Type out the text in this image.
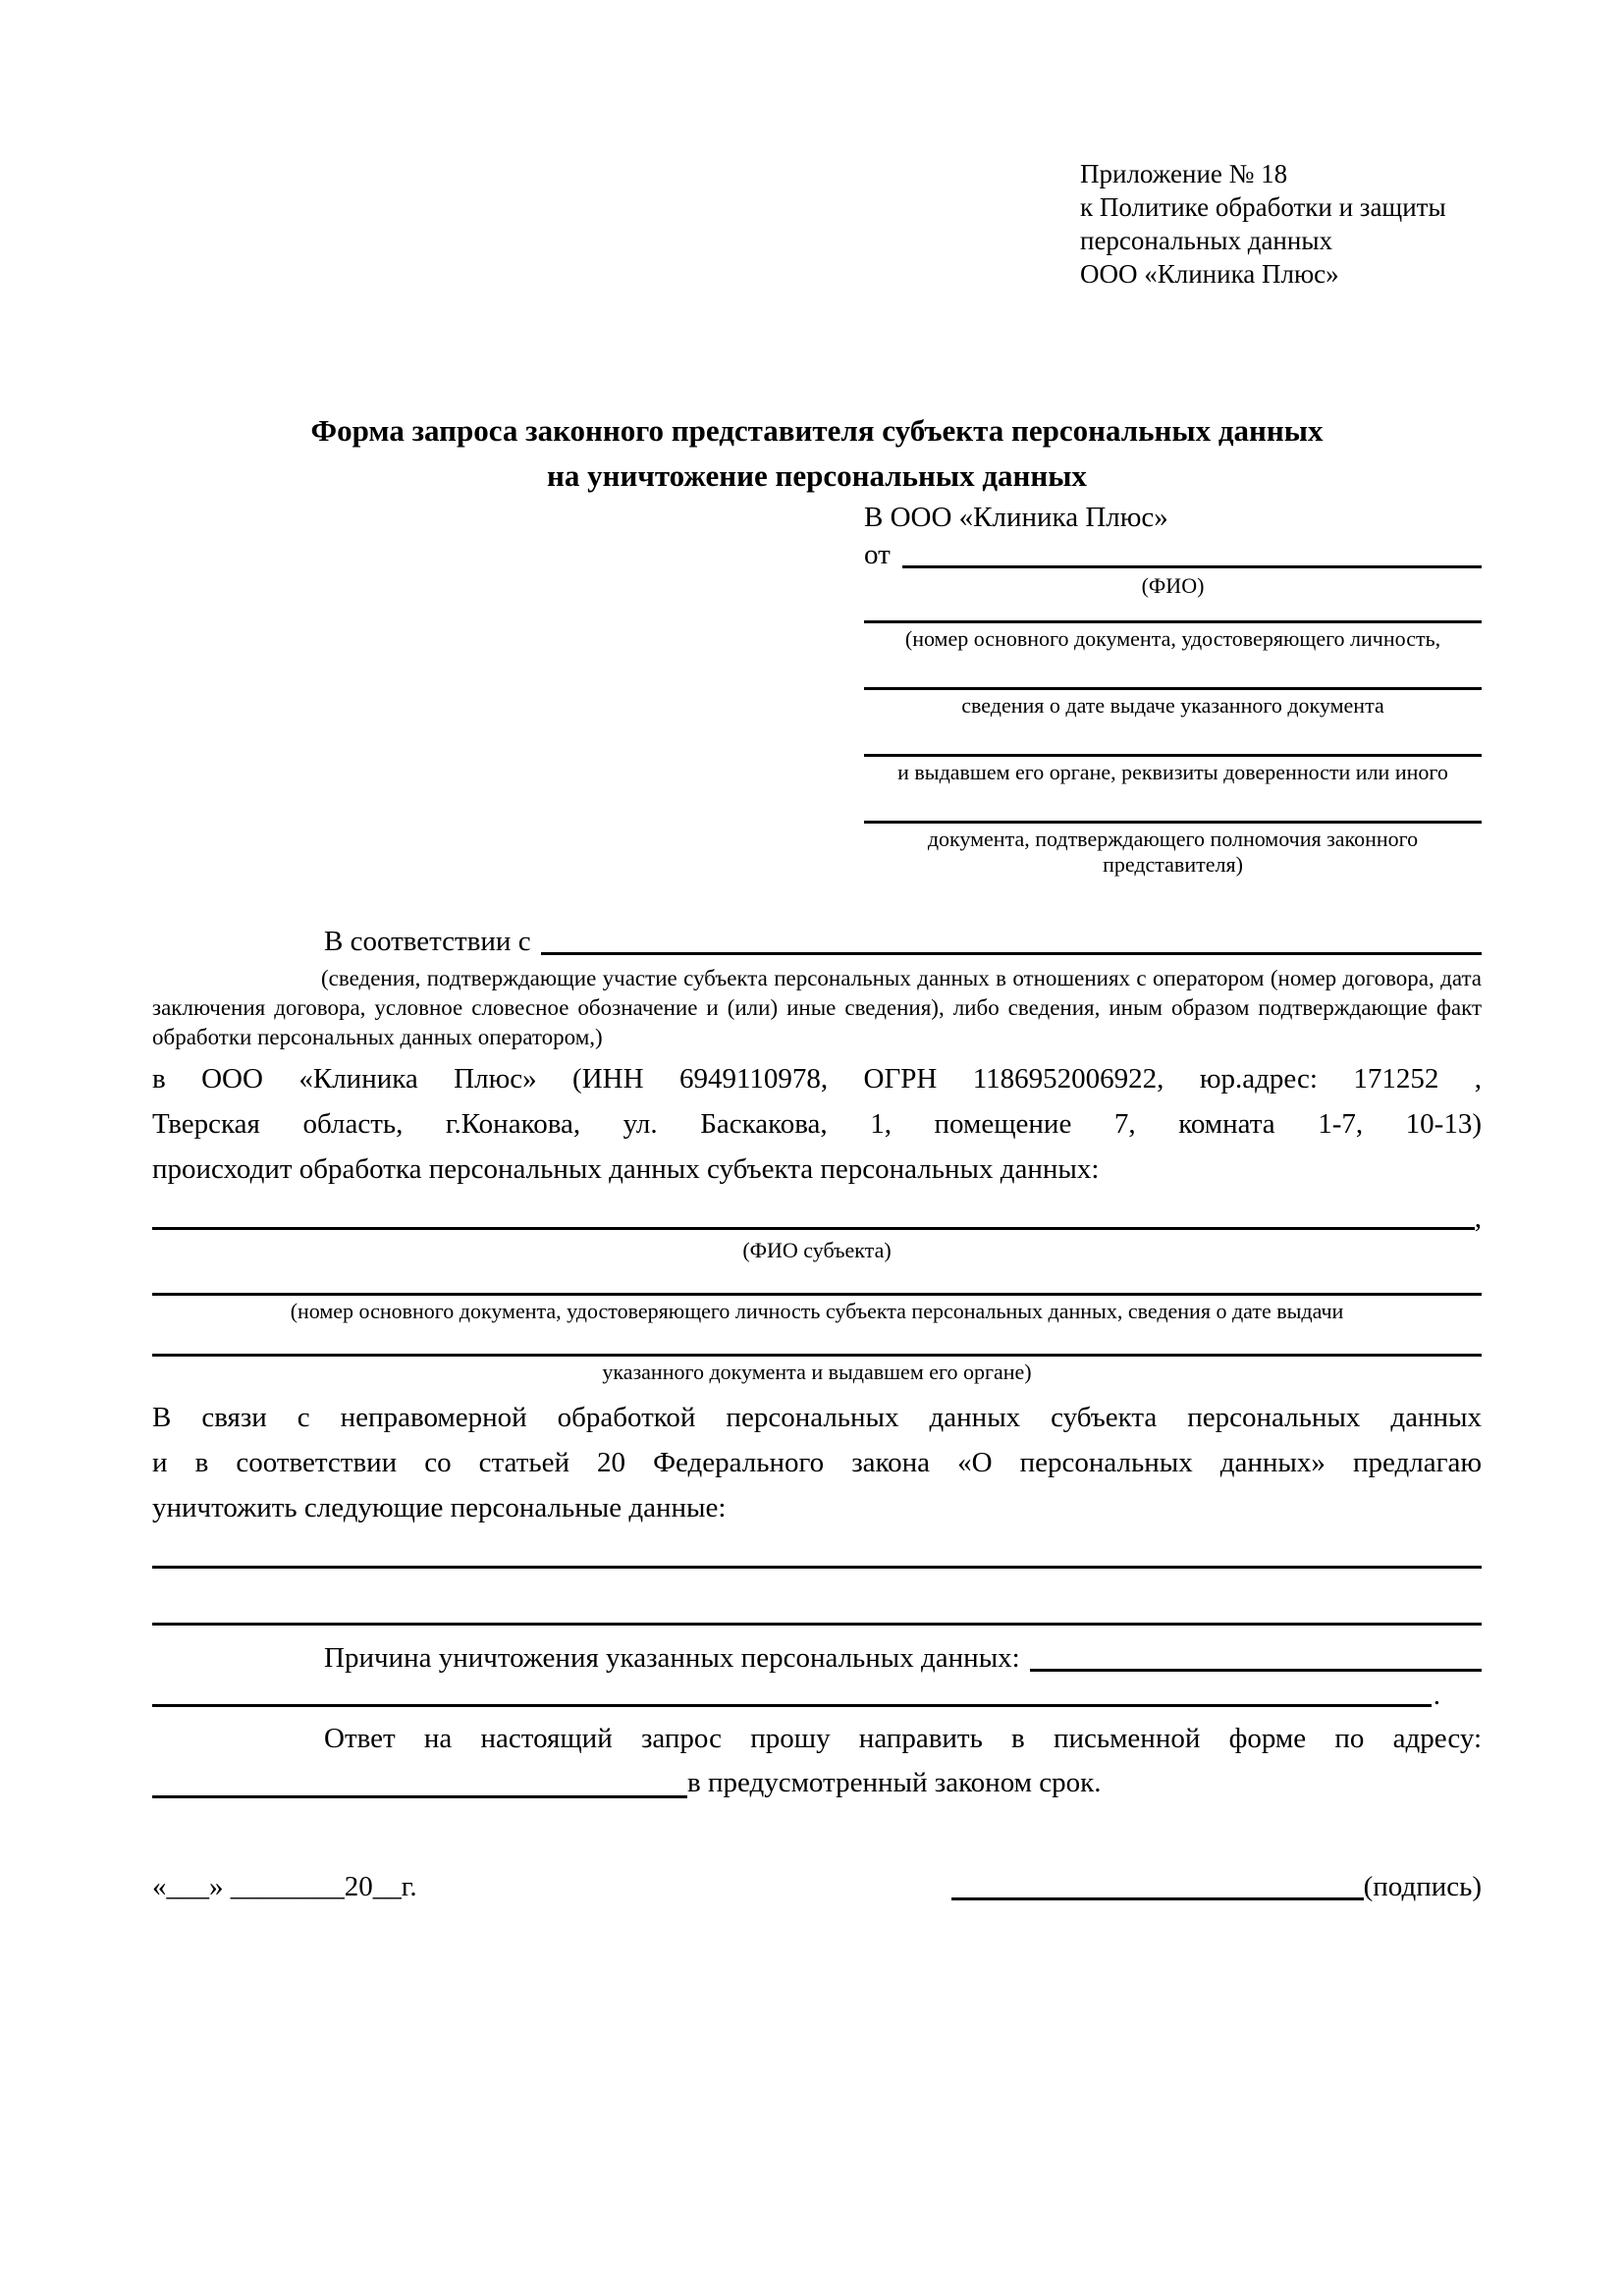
Приложение № 18
к Политике обработки и защиты
персональных данных
ООО «Клиника Плюс»
Форма запроса законного представителя субъекта персональных данных
на уничтожение персональных данных
В ООО «Клиника Плюс»
от
(ФИО)
(номер основного документа, удостоверяющего личность,
сведения о дате выдаче указанного документа
и выдавшем его органе, реквизиты доверенности или иного
документа, подтверждающего полномочия законного представителя)
В соответствии с
(сведения, подтверждающие участие субъекта персональных данных в отношениях с оператором (номер договора, дата заключения договора, условное словесное обозначение и (или) иные сведения), либо сведения, иным образом подтверждающие факт обработки персональных данных оператором,)
в ООО «Клиника Плюс» (ИНН 6949110978, ОГРН 1186952006922, юр.адрес: 171252 ,
Тверская область, г.Конакова, ул. Баскакова, 1, помещение 7, комната 1-7, 10-13)
происходит обработка персональных данных субъекта персональных данных:
,
(ФИО субъекта)
(номер основного документа, удостоверяющего личность субъекта персональных данных, сведения о дате выдачи
указанного документа и выдавшем его органе)
В связи с неправомерной обработкой персональных данных субъекта персональных данных
и в соответствии со статьей 20 Федерального закона «О персональных данных» предлагаю
уничтожить следующие персональные данные:
Причина уничтожения указанных персональных данных:
.
Ответ на настоящий запрос прошу направить в письменной форме по адресу:
в предусмотренный законом срок.
«___» ________20__г.	(подпись)
